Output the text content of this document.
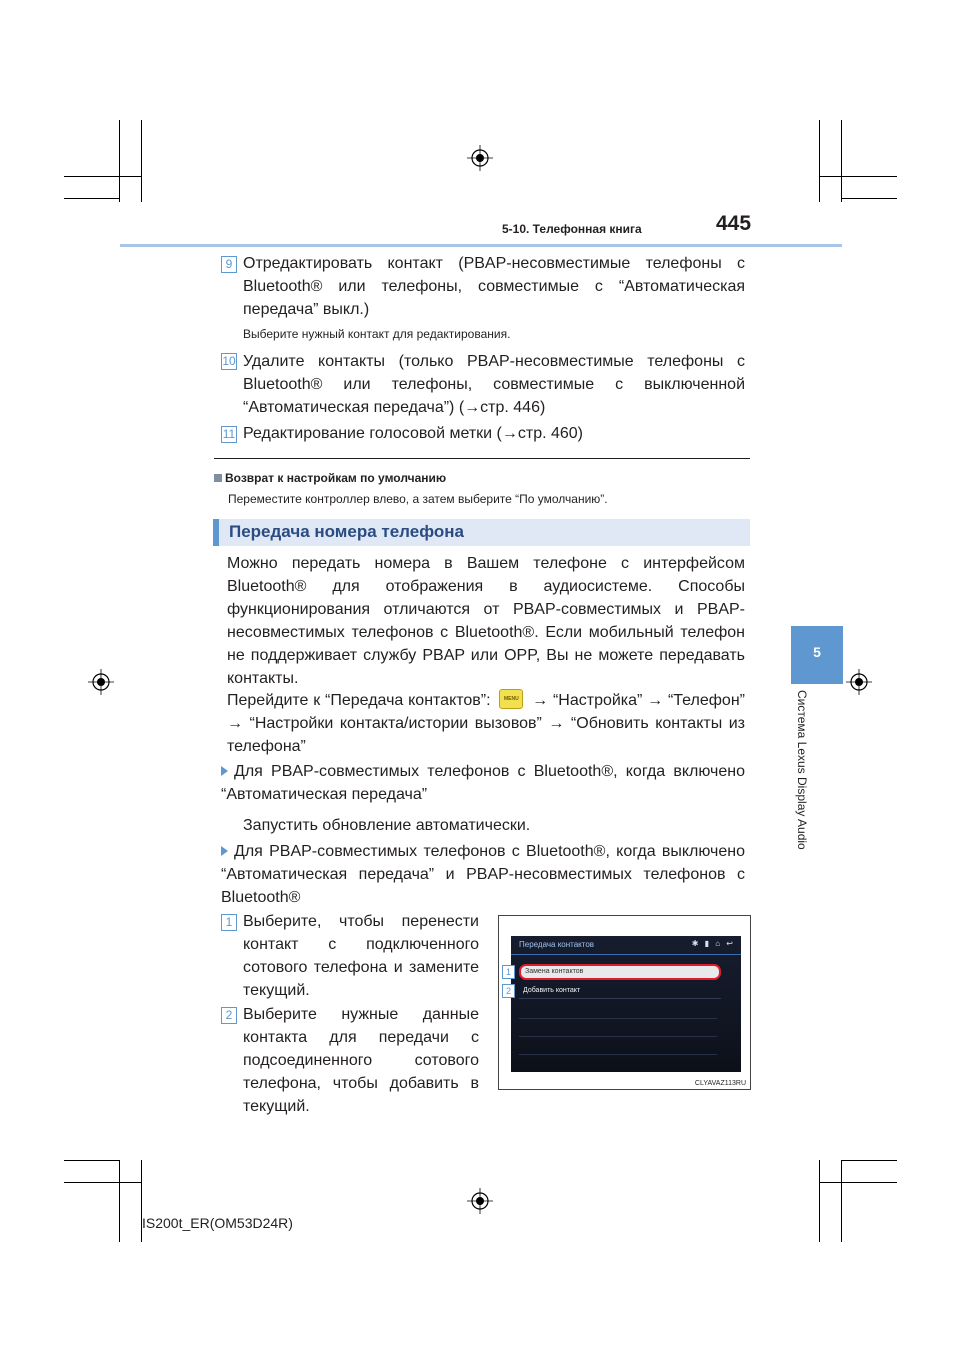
5-10. Телефонная книга	445
5
Система Lexus Display Audio
9 Отредактировать контакт (PBAP-несовместимые телефоны с Bluetooth® или телефоны, совместимые с “Автоматическая передача” выкл.)
Выберите нужный контакт для редактирования.
10 Удалите контакты (только PBAP-несовместимые телефоны с Bluetooth® или телефоны, совместимые с выключенной “Автоматическая передача”) (→стр. 446)
11 Редактирование голосовой метки (→стр. 460)
Возврат к настройкам по умолчанию
Переместите контроллер влево, а затем выберите “По умолчанию”.
Передача номера телефона
Можно передать номера в Вашем телефоне с интерфейсом Bluetooth® для отображения в аудиосистеме. Способы функционирования отличаются от PBAP-совместимых и PBAP-несовместимых телефонов с Bluetooth®. Если мобильный телефон не поддерживает службу PBAP или OPP, Вы не можете передавать контакты.
Перейдите к “Передача контактов”:	MENU → “Настройка” → “Телефон” → “Настройки контакта/истории вызовов” → “Обновить контакты из телефона”
Для PBAP-совместимых телефонов с Bluetooth®, когда включено “Автоматическая передача”
Запустить обновление автоматически.
Для PBAP-совместимых телефонов с Bluetooth®, когда выключено “Автоматическая передача” и PBAP-несовместимых телефонов с Bluetooth®
1 Выберите, чтобы перенести контакт с подключенного сотового телефона и замените текущий.
2 Выберите нужные данные контакта для передачи с подсоединенного сотового телефона, чтобы добавить в текущий.
Передача контактов	✱ ▮ ⌂ ↩
Замена контактов
Добавить контакт
1
2
CLYAVAZ113RU
IS200t_ER(OM53D24R)
